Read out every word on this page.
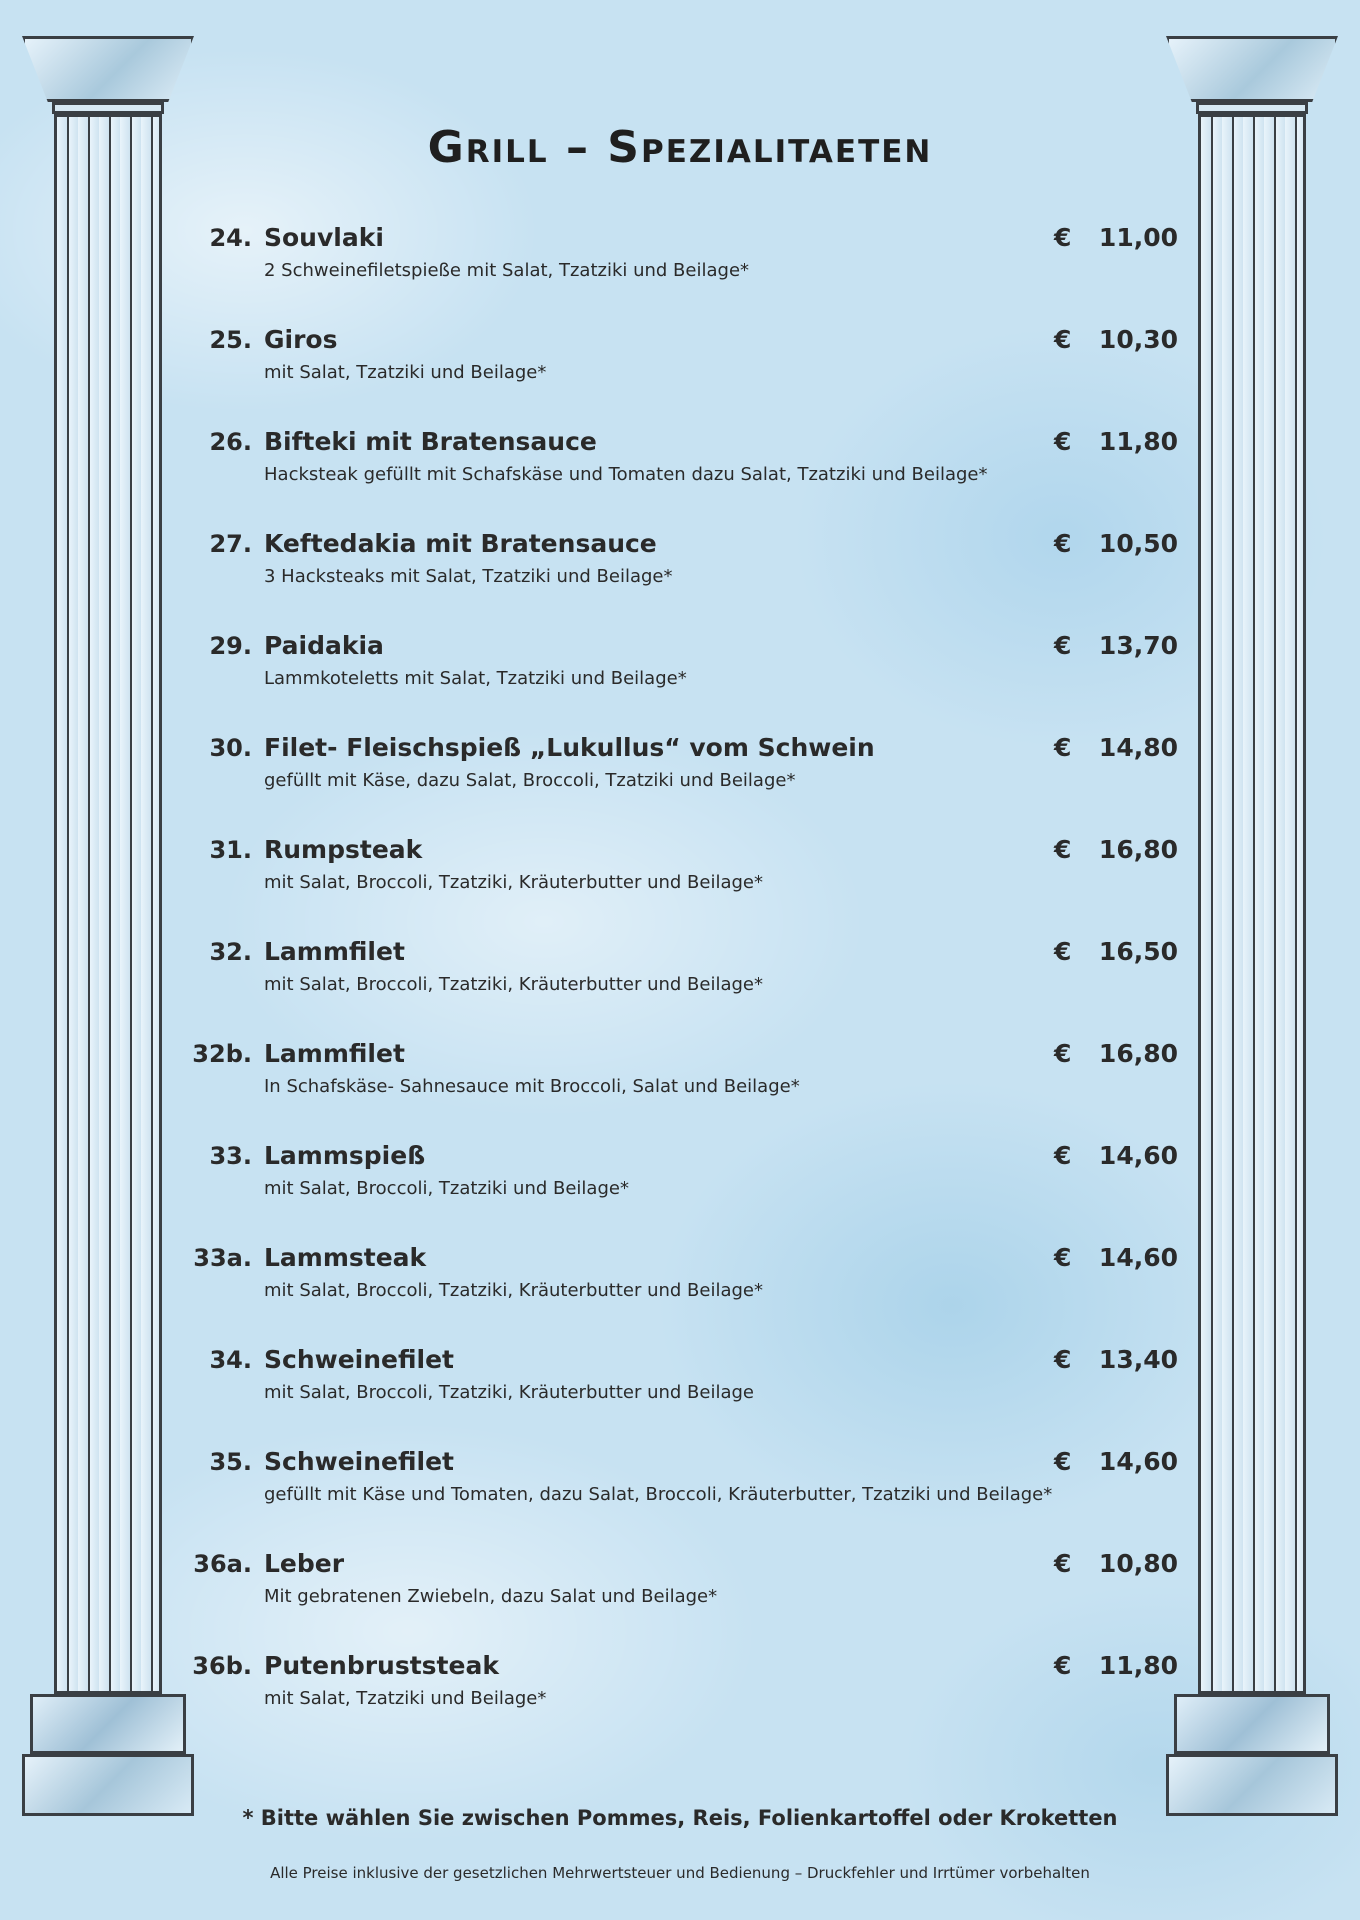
Grill – Spezialitaeten
24. Souvlaki	€ 11,00
2 Schweinefiletspieße mit Salat, Tzatziki und Beilage*
25. Giros	€ 10,30
mit Salat, Tzatziki und Beilage*
26. Bifteki mit Bratensauce	€ 11,80
Hacksteak gefüllt mit Schafskäse und Tomaten dazu Salat, Tzatziki und Beilage*
27. Keftedakia mit Bratensauce	€ 10,50
3 Hacksteaks mit Salat, Tzatziki und Beilage*
29. Paidakia	€ 13,70
Lammkoteletts mit Salat, Tzatziki und Beilage*
30. Filet- Fleischspieß „Lukullus“ vom Schwein	€ 14,80
gefüllt mit Käse, dazu Salat, Broccoli, Tzatziki und Beilage*
31. Rumpsteak	€ 16,80
mit Salat, Broccoli, Tzatziki, Kräuterbutter und Beilage*
32. Lammfilet	€ 16,50
mit Salat, Broccoli, Tzatziki, Kräuterbutter und Beilage*
32b. Lammfilet	€ 16,80
In Schafskäse- Sahnesauce mit Broccoli, Salat und Beilage*
33. Lammspieß	€ 14,60
mit Salat, Broccoli, Tzatziki und Beilage*
33a. Lammsteak	€ 14,60
mit Salat, Broccoli, Tzatziki, Kräuterbutter und Beilage*
34. Schweinefilet	€ 13,40
mit Salat, Broccoli, Tzatziki, Kräuterbutter und Beilage
35. Schweinefilet	€ 14,60
gefüllt mit Käse und Tomaten, dazu Salat, Broccoli, Kräuterbutter, Tzatziki und Beilage*
36a. Leber	€ 10,80
Mit gebratenen Zwiebeln, dazu Salat und Beilage*
36b. Putenbruststeak	€ 11,80
mit Salat, Tzatziki und Beilage*
* Bitte wählen Sie zwischen Pommes, Reis, Folienkartoffel oder Kroketten
Alle Preise inklusive der gesetzlichen Mehrwertsteuer und Bedienung – Druckfehler und Irrtümer vorbehalten
